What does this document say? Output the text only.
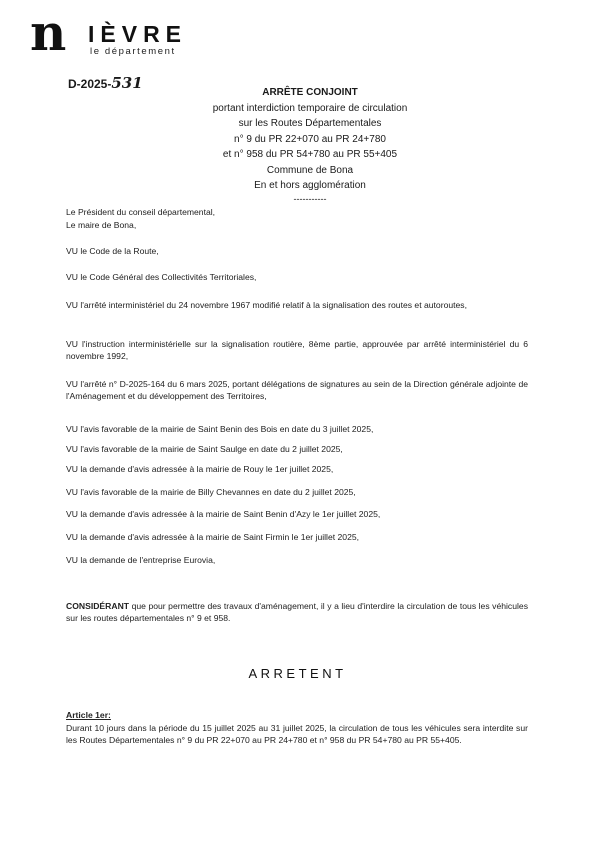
n IÈVRE
le département
D-2025-531
ARRÊTE CONJOINT
portant interdiction temporaire de circulation
sur les Routes Départementales
n° 9 du PR 22+070 au PR 24+780
et n° 958 du PR 54+780 au PR 55+405
Commune de Bona
En et hors agglomération
-----------
Le Président du conseil départemental,
Le maire de Bona,
VU le Code de la Route,
VU le Code Général des Collectivités Territoriales,
VU l'arrêté interministériel du 24 novembre 1967 modifié relatif à la signalisation des routes et autoroutes,
VU l'instruction interministérielle sur la signalisation routière, 8ème partie, approuvée par arrêté interministériel du 6 novembre 1992,
VU l'arrêté n° D-2025-164 du 6 mars 2025, portant délégations de signatures au sein de la Direction générale adjointe de l'Aménagement et du développement des Territoires,
VU l'avis favorable de la mairie de Saint Benin des Bois en date du 3 juillet 2025,
VU l'avis favorable de la mairie de Saint Saulge en date du 2 juillet 2025,
VU la demande d'avis adressée à la mairie de Rouy le 1er juillet 2025,
VU l'avis favorable de la mairie de Billy Chevannes en date du 2 juillet 2025,
VU la demande d'avis adressée à la mairie de Saint Benin d'Azy le 1er juillet 2025,
VU la demande d'avis adressée à la mairie de Saint Firmin le 1er juillet 2025,
VU la demande de l'entreprise Eurovia,
CONSIDÉRANT que pour permettre des travaux d'aménagement, il y a lieu d'interdire la circulation de tous les véhicules sur les routes départementales n° 9 et 958.
Article 1er:
Durant 10 jours dans la période du 15 juillet 2025 au 31 juillet 2025, la circulation de tous les véhicules sera interdite sur les Routes Départementales n° 9 du PR 22+070 au PR 24+780 et n° 958 du PR 54+780 au PR 55+405.
ARRETENT
